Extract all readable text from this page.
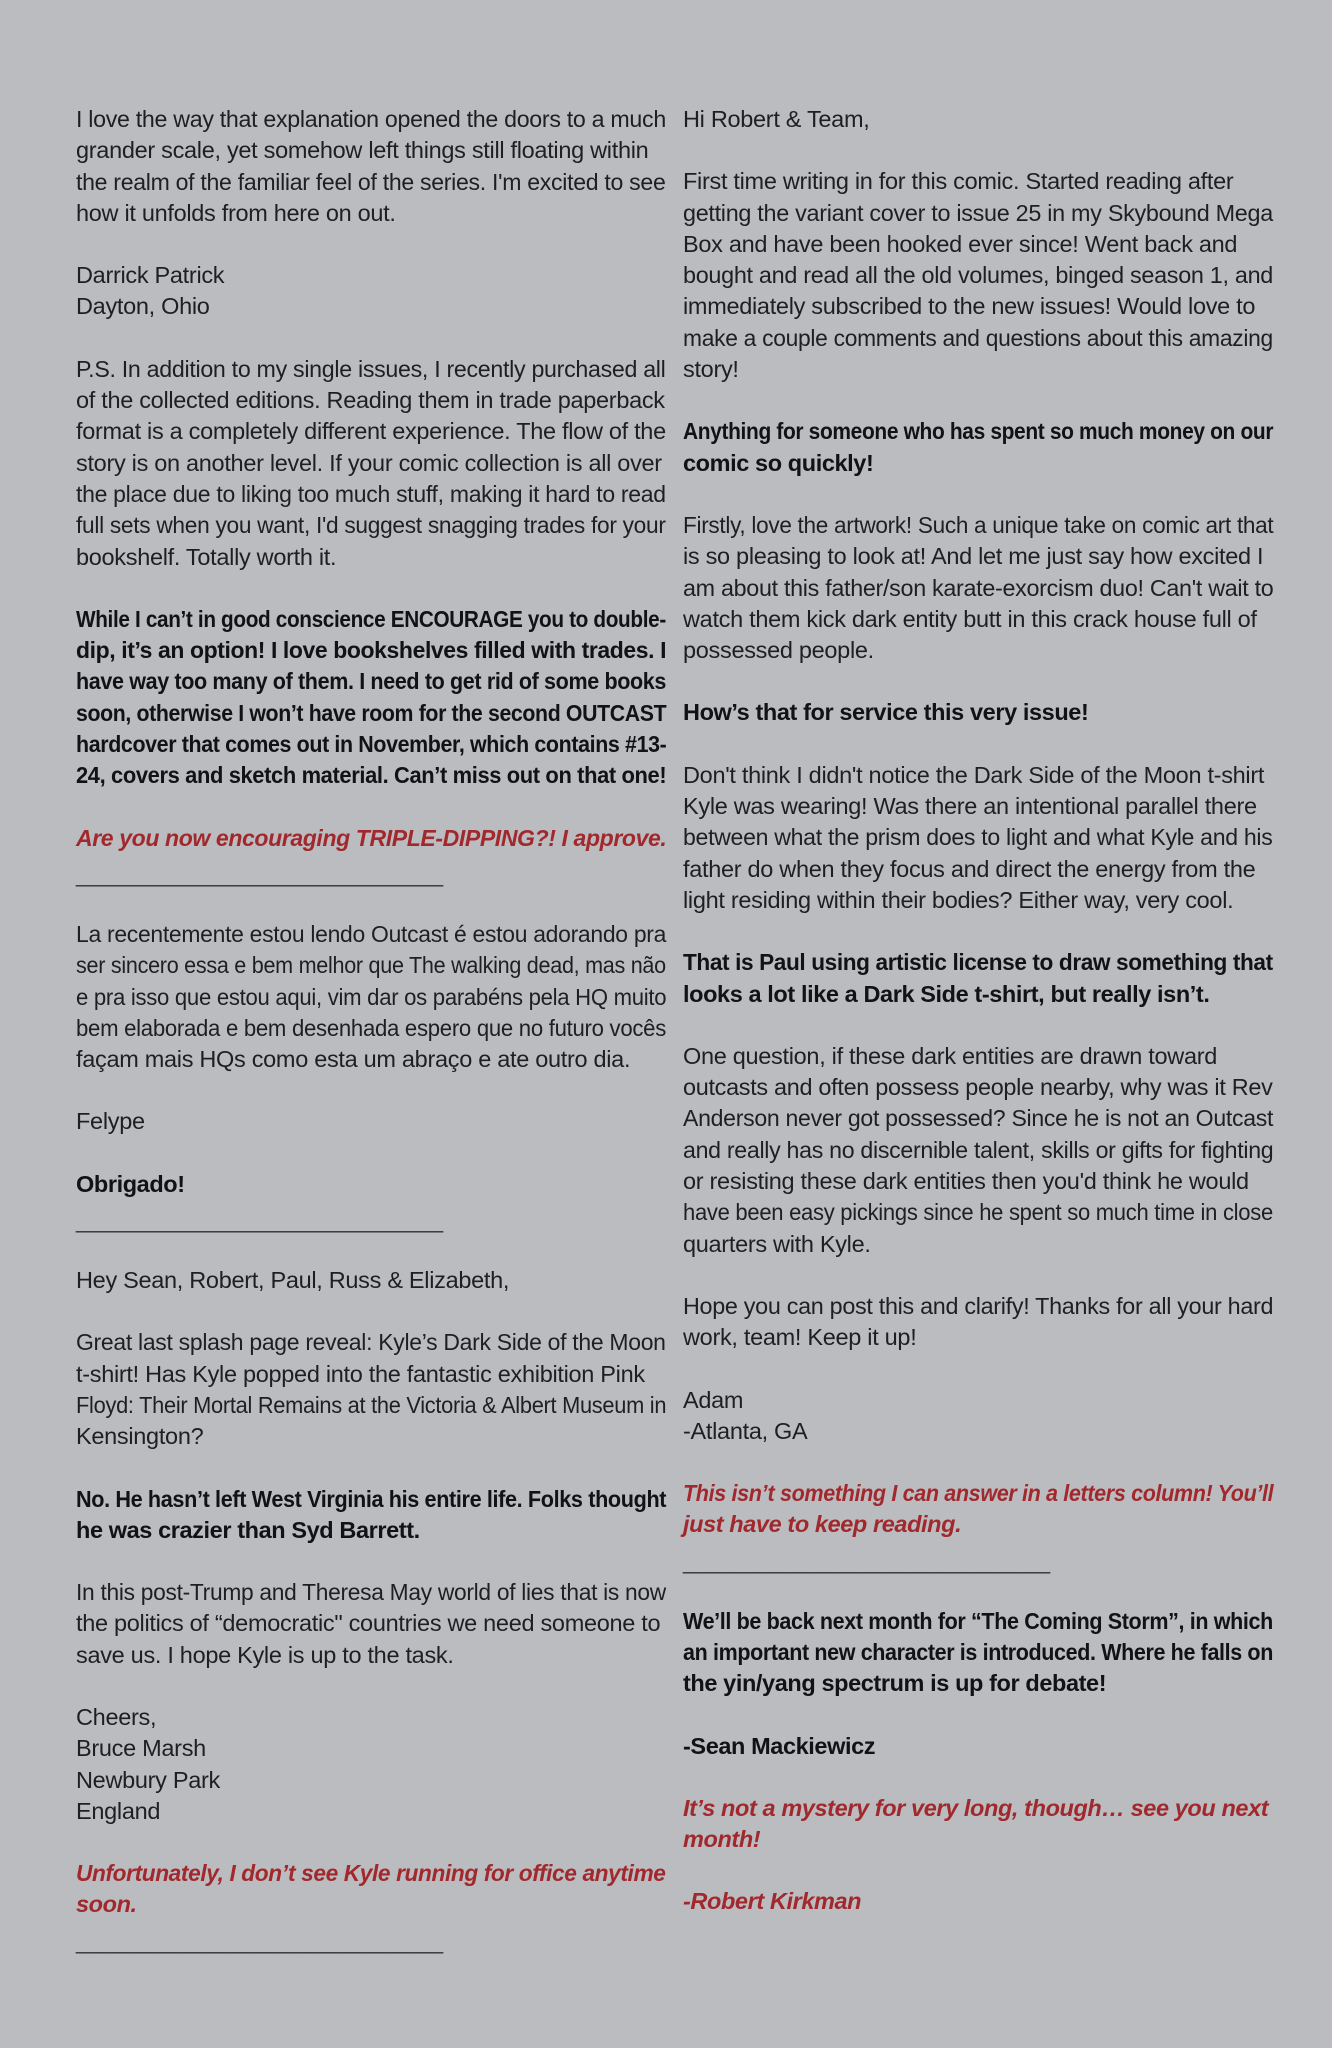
I love the way that explanation opened the doors to a much
grander scale, yet somehow left things still floating within
the realm of the familiar feel of the series. I'm excited to see
how it unfolds from here on out.

Darrick Patrick
Dayton, Ohio

P.S. In addition to my single issues, I recently purchased all
of the collected editions. Reading them in trade paperback
format is a completely different experience. The flow of the
story is on another level. If your comic collection is all over
the place due to liking too much stuff, making it hard to read
full sets when you want, I'd suggest snagging trades for your
bookshelf. Totally worth it.

While I can’t in good conscience ENCOURAGE you to double-
dip, it’s an option! I love bookshelves filled with trades. I
have way too many of them. I need to get rid of some books
soon, otherwise I won’t have room for the second OUTCAST
hardcover that comes out in November, which contains #13-
24, covers and sketch material. Can’t miss out on that one!

Are you now encouraging TRIPLE-DIPPING?! I approve.

______________________________

La recentemente estou lendo Outcast é estou adorando pra
ser sincero essa e bem melhor que The walking dead, mas não
e pra isso que estou aqui, vim dar os parabéns pela HQ muito
bem elaborada e bem desenhada espero que no futuro vocês
façam mais HQs como esta um abraço e ate outro dia.

Felype

Obrigado!

______________________________

Hey Sean, Robert, Paul, Russ & Elizabeth,

Great last splash page reveal: Kyle’s Dark Side of the Moon
t-shirt! Has Kyle popped into the fantastic exhibition Pink
Floyd: Their Mortal Remains at the Victoria & Albert Museum in
Kensington?

No. He hasn’t left West Virginia his entire life. Folks thought
he was crazier than Syd Barrett.

In this post-Trump and Theresa May world of lies that is now
the politics of “democratic" countries we need someone to
save us. I hope Kyle is up to the task.

Cheers,
Bruce Marsh
Newbury Park
England

Unfortunately, I don’t see Kyle running for office anytime
soon.

______________________________

Hi Robert & Team,

First time writing in for this comic. Started reading after
getting the variant cover to issue 25 in my Skybound Mega
Box and have been hooked ever since! Went back and
bought and read all the old volumes, binged season 1, and
immediately subscribed to the new issues! Would love to
make a couple comments and questions about this amazing
story!

Anything for someone who has spent so much money on our
comic so quickly!

Firstly, love the artwork! Such a unique take on comic art that
is so pleasing to look at! And let me just say how excited I
am about this father/son karate-exorcism duo! Can't wait to
watch them kick dark entity butt in this crack house full of
possessed people.

How’s that for service this very issue!

Don't think I didn't notice the Dark Side of the Moon t-shirt
Kyle was wearing! Was there an intentional parallel there
between what the prism does to light and what Kyle and his
father do when they focus and direct the energy from the
light residing within their bodies? Either way, very cool.

That is Paul using artistic license to draw something that
looks a lot like a Dark Side t-shirt, but really isn’t.

One question, if these dark entities are drawn toward
outcasts and often possess people nearby, why was it Rev
Anderson never got possessed? Since he is not an Outcast
and really has no discernible talent, skills or gifts for fighting
or resisting these dark entities then you'd think he would
have been easy pickings since he spent so much time in close
quarters with Kyle.

Hope you can post this and clarify! Thanks for all your hard
work, team! Keep it up!

Adam
-Atlanta, GA

This isn’t something I can answer in a letters column! You’ll
just have to keep reading.

______________________________

We’ll be back next month for “The Coming Storm”, in which
an important new character is introduced. Where he falls on
the yin/yang spectrum is up for debate!

-Sean Mackiewicz

It’s not a mystery for very long, though… see you next
month!

-Robert Kirkman
